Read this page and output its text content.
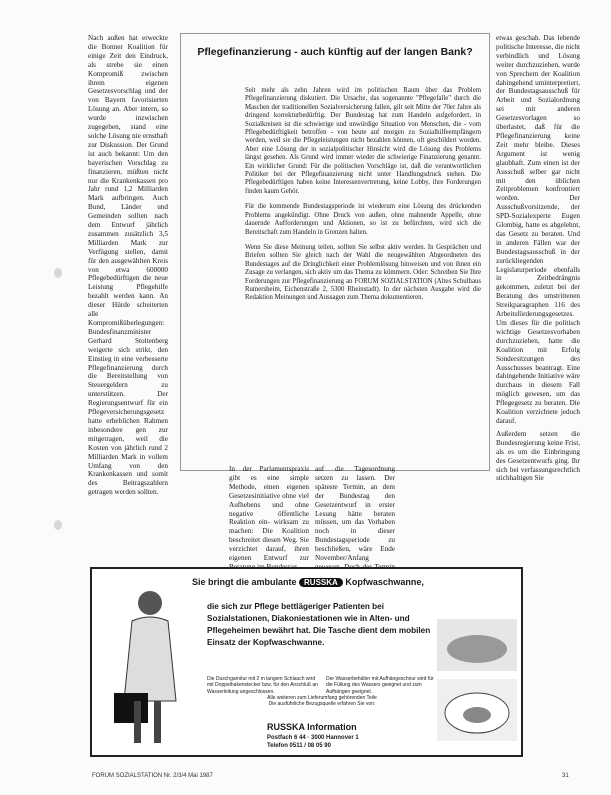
Nach außen hat erweckte die Bonner Koalition für einige Zeit den Eindruck, als strebe sie einen Kompromiß zwischen ihrem eigenen Gesetzesvorschlag und der von Bayern favorisierten Lösung an. Aber intern, so wurde inzwischen zugegeben, stand eine solche Lösung nie ernsthaft zur Diskussion. Der Grund ist auch bekannt: Um den bayerischen Vorschlag zu finanzieren, müßten nicht nur die Krankenkassen pro Jahr rund 1,2 Milliarden Mark aufbringen. Auch Bund, Länder und Gemeinden sollten nach dem Entwurf jährlich zusammen zusätzlich 3,5 Milliarden Mark zur Verfügung stellen, damit für den ausgewählten Kreis von etwa 600000 Pflegebedürftigen die neue Leistung Pflegehilfe bezahlt werden kann. An dieser Hürde scheiterten alle Kompromißüberlegungen: Bundesfinanzminister Gerhard Stoltenberg weigerte sich strikt, den Einstieg in eine verbesserte Pflegefinanzierung durch die Bereitstellung von Steuergeldern zu unterstützen. Der Regierungsentwurf für ein Pflegeversicherungsgesetz hatte erheblichen Rahmen inbesondere gen zur mitgetragen, weil die Kosten von jährlich rund 2 Milliarden Mark in vollem Umfang von den Krankenkassen und somit des Beitragszahlern getragen werden sollten.

Pflegefinanzierung - auch künftig auf der langen Bank?

Seit mehr als zehn Jahren wird im politischen Raum über das Problem Pflegefinanzierung diskutiert. Die Ursache, das sogenannte "Pflegefalle" durch die Maschen der traditionellen Sozialversicherung fallen, gilt seit Mitte der 70er Jahre als dringend korrekturbedürftig. Der Bundestag hat zum Handeln aufgefordert, in Sozialkreisen ist die schwierige und unwürdige Situation von Menschen, die - vom Pflegebedürftigkeit betroffen - von heute auf morgen zu Sozialhilfeempfängern werden, weil sie die Pflegeleistungen nicht bezahlen können, oft geschildert worden. Aber eine Lösung der in sozialpolitischer Hinsicht wird die Lösung des Problems längst gesehen. Als Grund wird immer wieder die schwierige Finanzierung genannt. Ein wirklicher Grund: Für die politischen Vorschläge ist, daß die verantwortlichen Politiker bei der Pflegefinanzierung nicht unter Handlungsdruck stehen. Die Pflegebedürftigen haben keine Interessenvertretung, keine Lobby, ihre Forderungen finden kaum Gehör.

Für die kommende Bundestagsperiode ist wiederum eine Lösung des drückenden Problems angekündigt. Ohne Druck von außen, ohne mahnende Appelle, ohne dauernde Aufforderungen und Aktionen, so ist zu befürchten, wird sich die Bereitschaft zum Handeln in Grenzen halten.

Wenn Sie diese Meinung teilen, sollten Sie selbst aktiv werden. In Gesprächen und Briefen sollten Sie gleich nach der Wahl die neugewählten Abgeordneten des Bundestages auf die Dringlichkeit einer Problemlösung hinweisen und von ihnen ein Zusage zu verlangen, sich aktiv um das Thema zu kümmern. Oder: Schreiben Sie Ihre Forderungen zur Pflegefinanzierung an FORUM SOZIALSTATION (Altes Schulhaus Rumersheim, Eichenstraße 2, 5300 Rheinstadt). In der nächsten Ausgabe wird die Redaktion Meinungen und Aussagen zum Thema dokumentieren.

In der Parlamentspraxis gibt es eine simple Methode, einen eigenen Gesetzesinitiative ohne viel Aufhebens und ohne negative öffentliche Reaktion ein- wirksam zu machen: Die Koalition beschreitet diesen Weg. Sie verzichtet darauf, ihren eigenen Entwurf zur

auf die Tagesordnung setzen zu lassen. Der späteste Termin, an dem der Bundestag den Gesetzentwurf in erster Lesung hätte beraten müssen, um das Vorhaben noch in dieser Bundestagsperiode zu beschließen, wäre Ende November/Anfang

etwas geschah. Das lebende politische Interesse, die nicht verbindlich und Lösung weiter durchzuziehen, wurde von Sprechern der Koalition dahingehend uminterpretiert, der Bundestagsausschuß für Arbeit und Sozialordnung sei mit anderen Gesetzesvorlagen so überlastet, daß für die Pflegefinanzierung keine Zeit mehr bleibe. Dieses Argument ist wenig glaubhaft. Zum einen ist der Ausschuß selber gar nicht mit den üblichen Zeitproblemen konfrontiert worden. Der Ausschußvorsitzende, der SPD-Sozialexperte Eugen Glombig, hatte es abgelehnt, das Gesetz zu beraten. Und in anderen Fällen war der Bundestagsausschuß in der zurückliegenden Legislaturperiode ebenfalls in Zeitbedrängnis gekommen, zuletzt bei der Beratung des umstrittenen Streikparagraphen 116 des Arbeitsförderungsgesetzes. Um dieses für die politisch wichtige Gesetzesvorhaben durchzuziehen, hatte die Koalition mit Erfolg Sondersitzungen des Ausschusses beantragt. Eine dahingehende Initiative wäre durchaus in diesem Fall möglich gewesen, um das Pflegegesetz zu beraten. Die Koalition verzichtete jedoch darauf.

Außerdem setzen die Bundesregierung keine Frist, als es um die Einbringung des Gesetzentwurfs ging. Ihr sich bei verfassungsrechtlich stichhaltigen Sie

Sie bringt die ambulante RUSSKA Kopfwaschwanne,
die sich zur Pflege bettlägeriger Patienten bei Sozialstationen, Diakoniestationen wie in Alten- und Pflegeheimen bewährt hat. Die Tasche dient dem mobilen Einsatz der Kopfwaschwanne.
Die Duschgarnitur mit 2 m langem Schlauch wird mit Doppelhakenstecker bzw. für den Anschluß an Wasserleitung angeschlossen.
Der Wasserbehälter mit Aufhängeschnur wird für die Füllung des Wassers geeignet und zum Aufhängen geeignet.
Alle weiteren zum Lieferumfang gehörenden Teile
Die ausführliche Bezugsquelle erfahren Sie von:
RUSSKA Information
Postfach 6 44 · 3000 Hannover 1
Telefon 0511 / 08 05 90
FORUM SOZIALSTATION Nr. 2/3/4 Mai 1987	31
